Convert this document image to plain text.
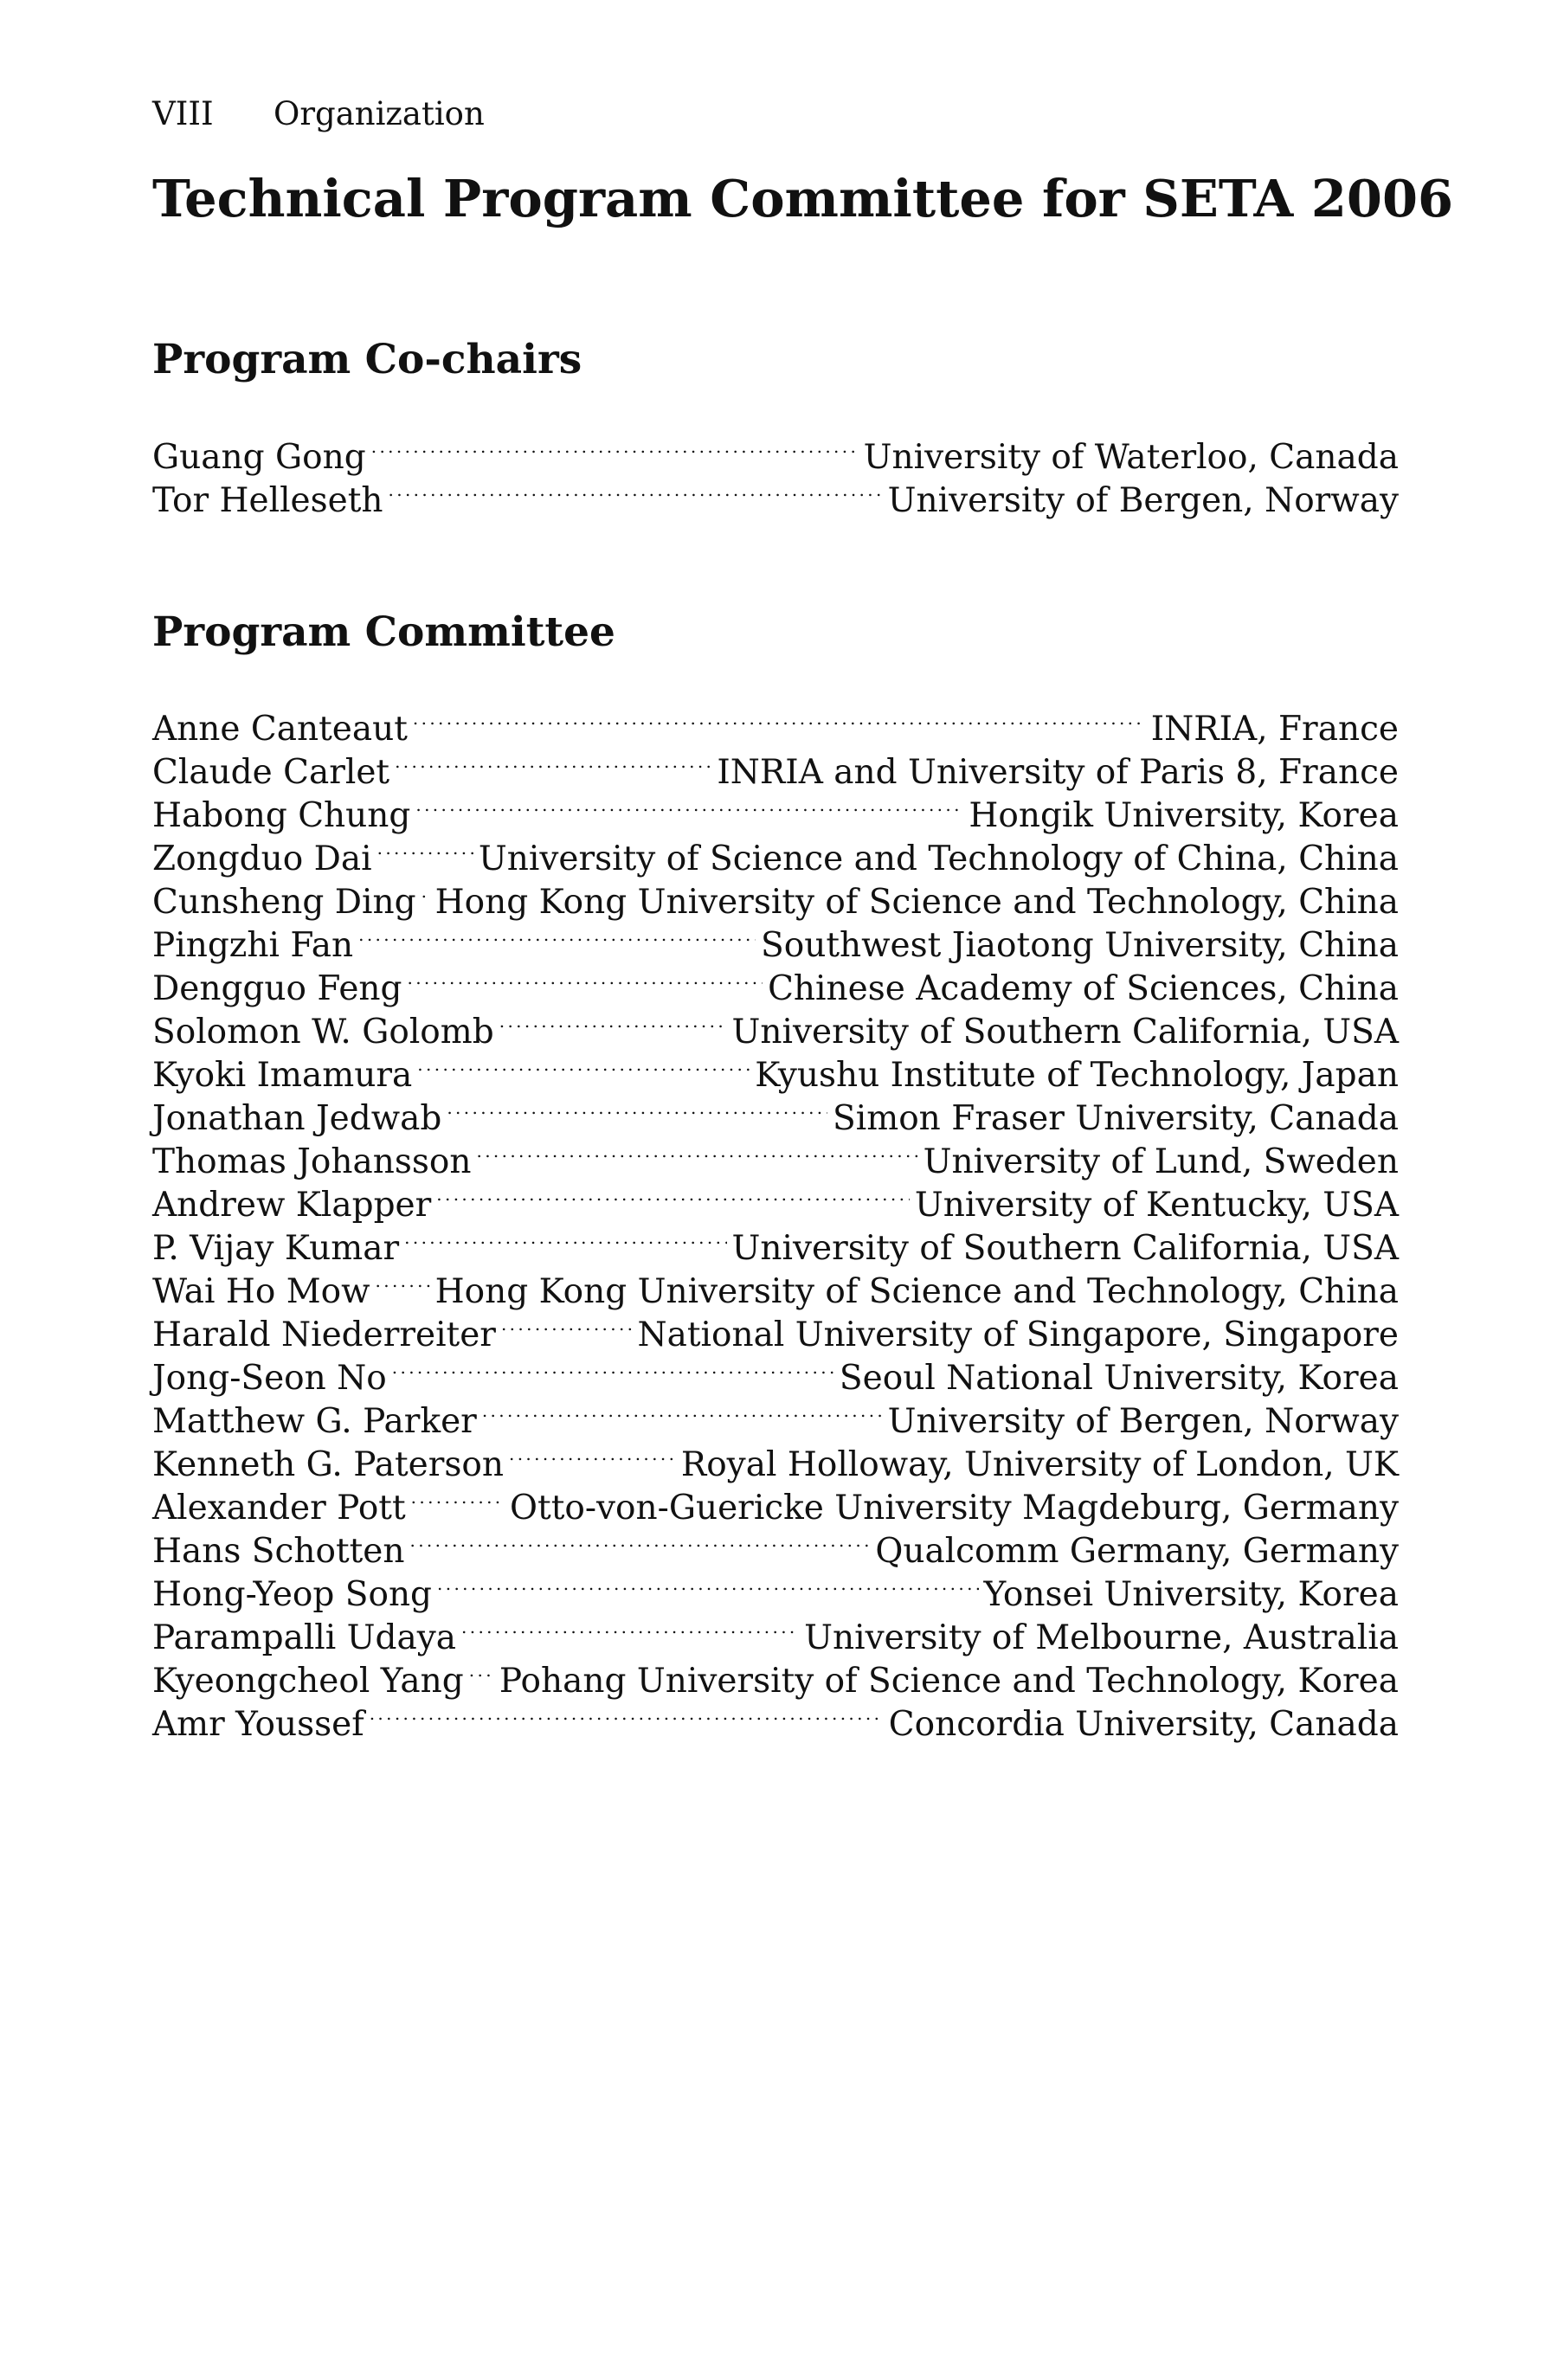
VIII Organization
Technical Program Committee for SETA 2006
Program Co-chairs
Guang Gong . . .	University of Waterloo, Canada
Tor Helleseth . . .	University of Bergen, Norway
Program Committee
Anne Canteaut . . .	INRIA, France
Claude Carlet . . .	INRIA and University of Paris 8, France
Habong Chung . . .	Hongik University, Korea
Zongduo Dai . . .	University of Science and Technology of China, China
Cunsheng Ding . . . Hong Kong University of Science and Technology, China
Pingzhi Fan . . .	Southwest Jiaotong University, China
Dengguo Feng . . .	Chinese Academy of Sciences, China
Solomon W. Golomb . . .	University of Southern California, USA
Kyoki Imamura . . .	Kyushu Institute of Technology, Japan
Jonathan Jedwab . . .	Simon Fraser University, Canada
Thomas Johansson . . .	University of Lund, Sweden
Andrew Klapper . . .	University of Kentucky, USA
P. Vijay Kumar . . .	University of Southern California, USA
Wai Ho Mow . . . Hong Kong University of Science and Technology, China
Harald Niederreiter . . .	National University of Singapore, Singapore
Jong-Seon No . . .	Seoul National University, Korea
Matthew G. Parker . . .	University of Bergen, Norway
Kenneth G. Paterson . . .	Royal Holloway, University of London, UK
Alexander Pott . . .	Otto-von-Guericke University Magdeburg, Germany
Hans Schotten . . .	Qualcomm Germany, Germany
Hong-Yeop Song . . .	Yonsei University, Korea
Parampalli Udaya . . .	University of Melbourne, Australia
Kyeongcheol Yang . . . Pohang University of Science and Technology, Korea
Amr Youssef . . .	Concordia University, Canada
